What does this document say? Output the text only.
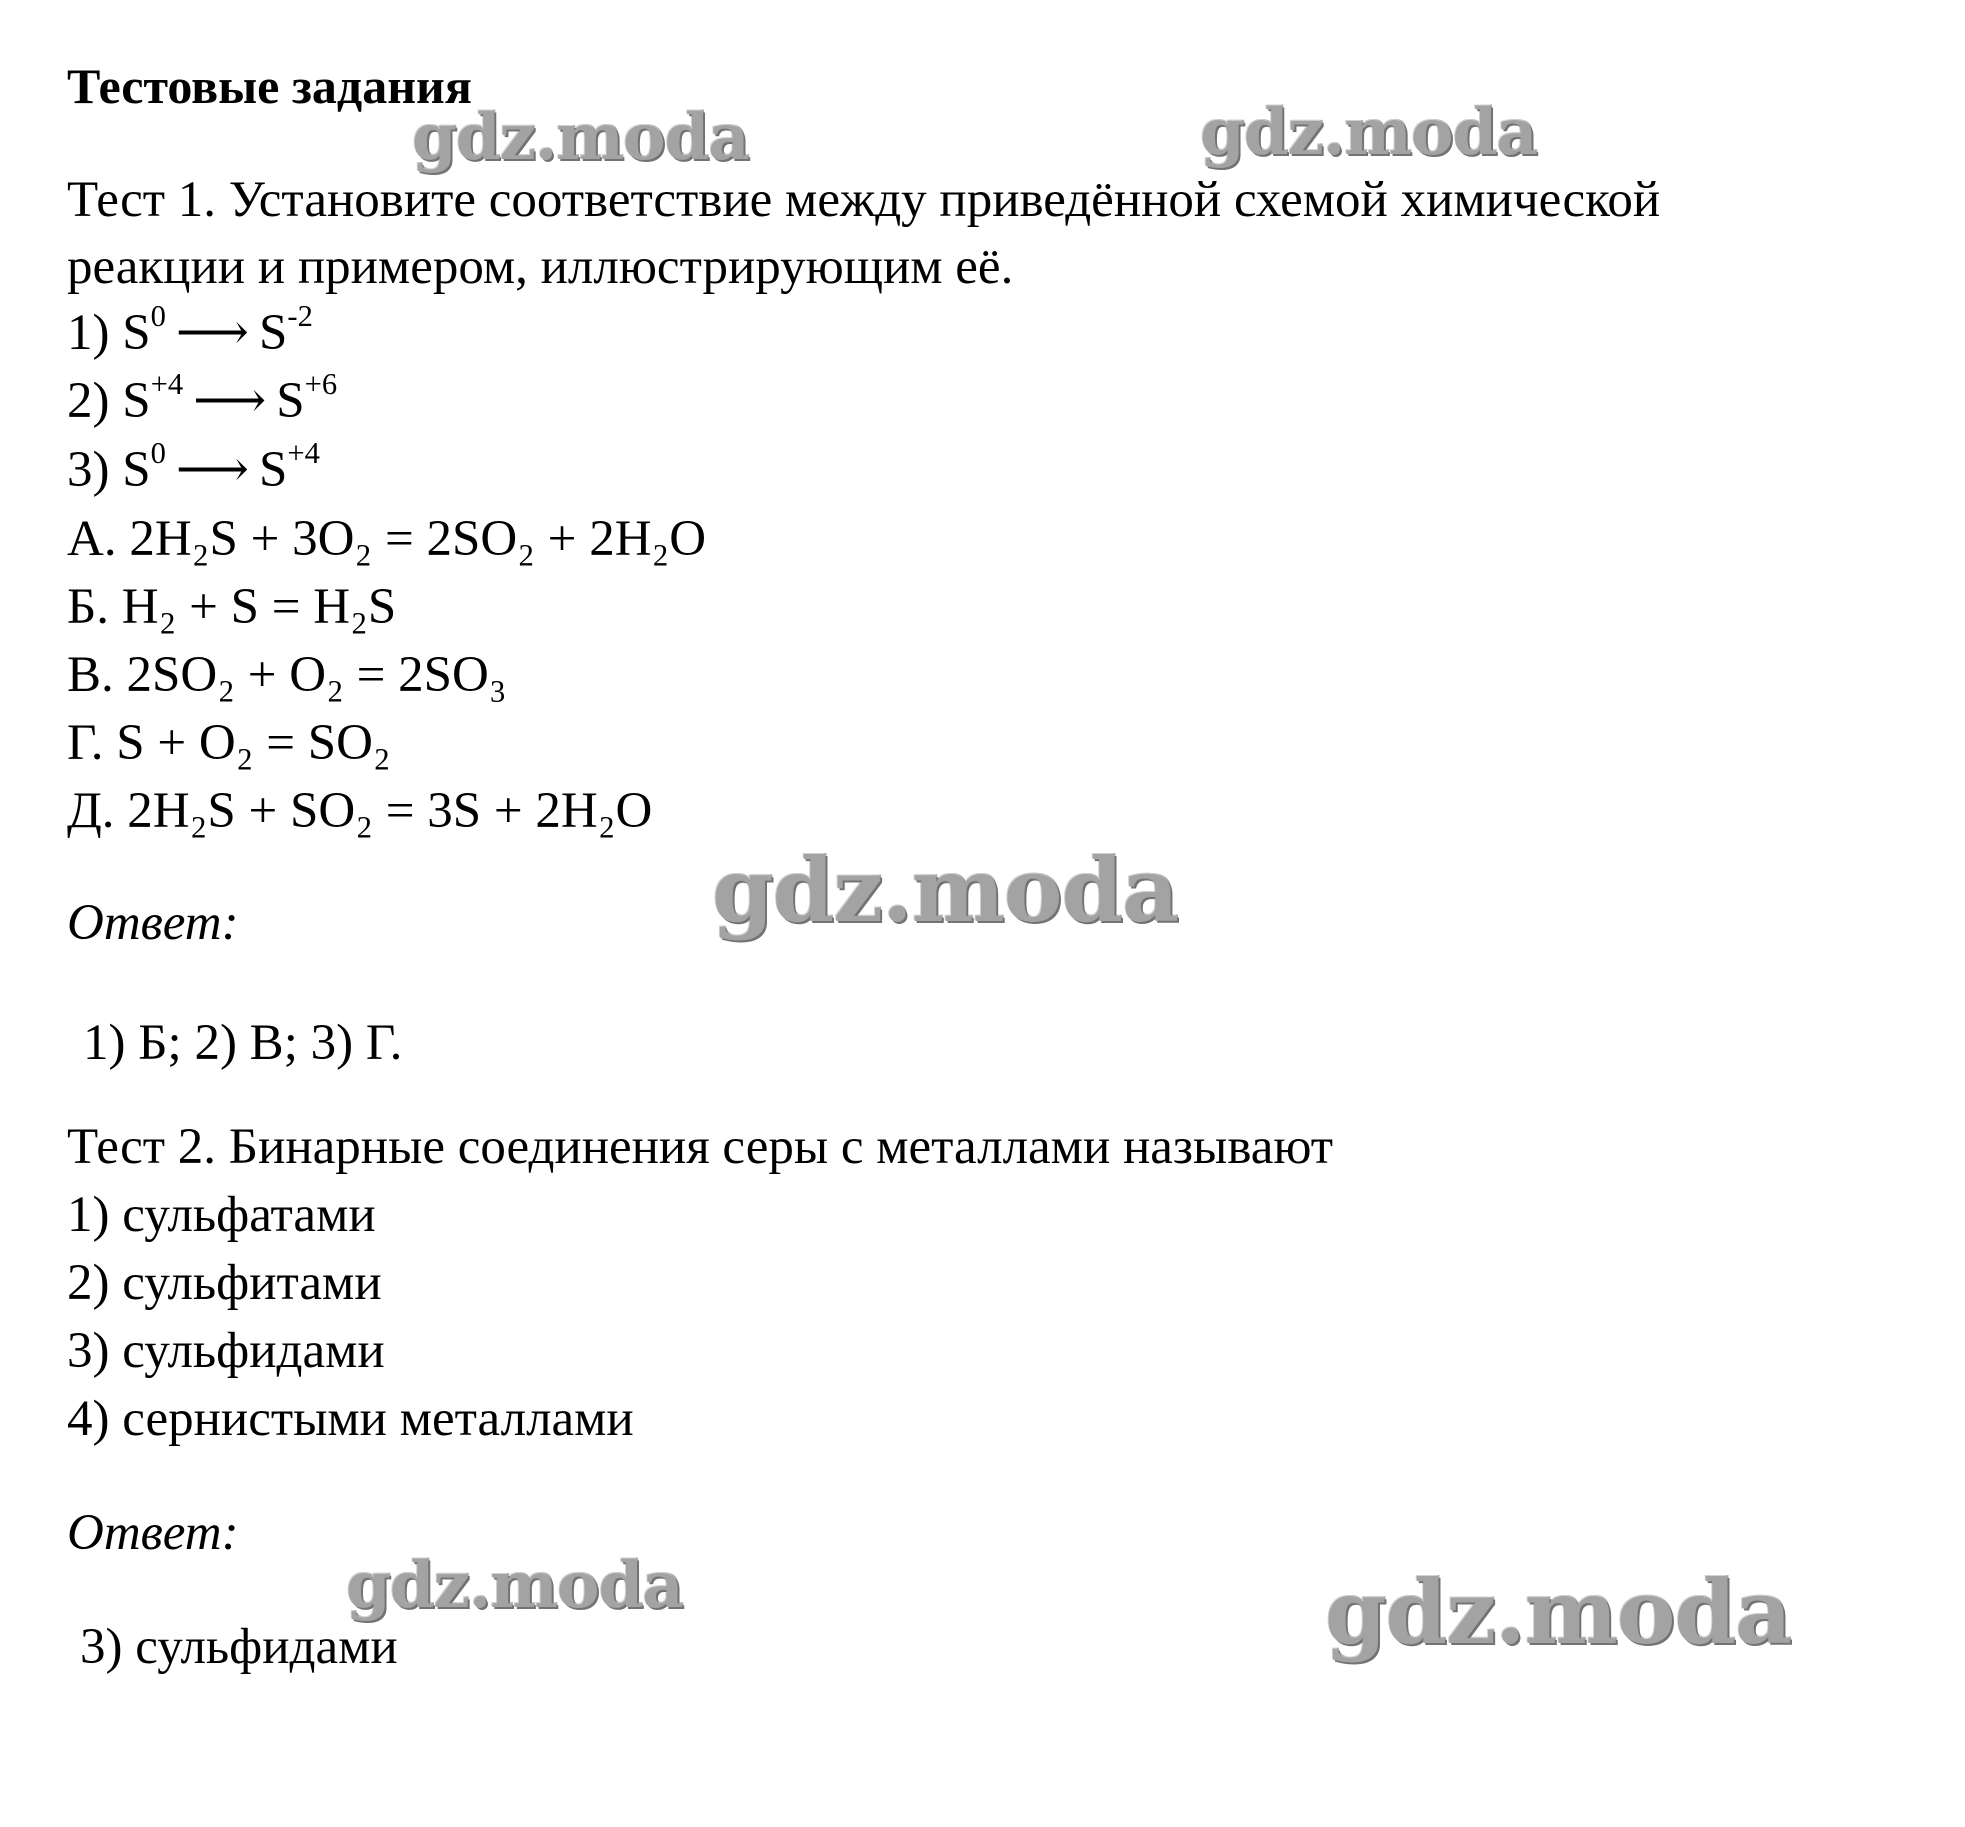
Тестовые задания

Тест 1. Установите соответствие между приведённой схемой химической

реакции и примером, иллюстрирующим её.

1) $S^0$ ⟶ $S^{-2}$

2) $S^{+4}$ ⟶ $S^{+6}$

3) $S^0$ ⟶ $S^{+4}$

А. 2H₂S + 3O₂ = 2SO₂ + 2H₂O

Б. H₂ + S = H₂S

В. 2SO₂ + O₂ = 2SO₃

Г. S + O₂ = SO₂

Д. 2H₂S + SO₂ = 3S + 2H₂O

Ответ:

1) Б; 2) В; 3) Г.

Тест 2. Бинарные соединения серы с металлами называют

1) сульфатами

2) сульфитами

3) сульфидами

4) сернистыми металлами

Ответ:

3) сульфидами

gdz.moda	gdz.moda
gdz.moda
gdz.moda	gdz.moda
